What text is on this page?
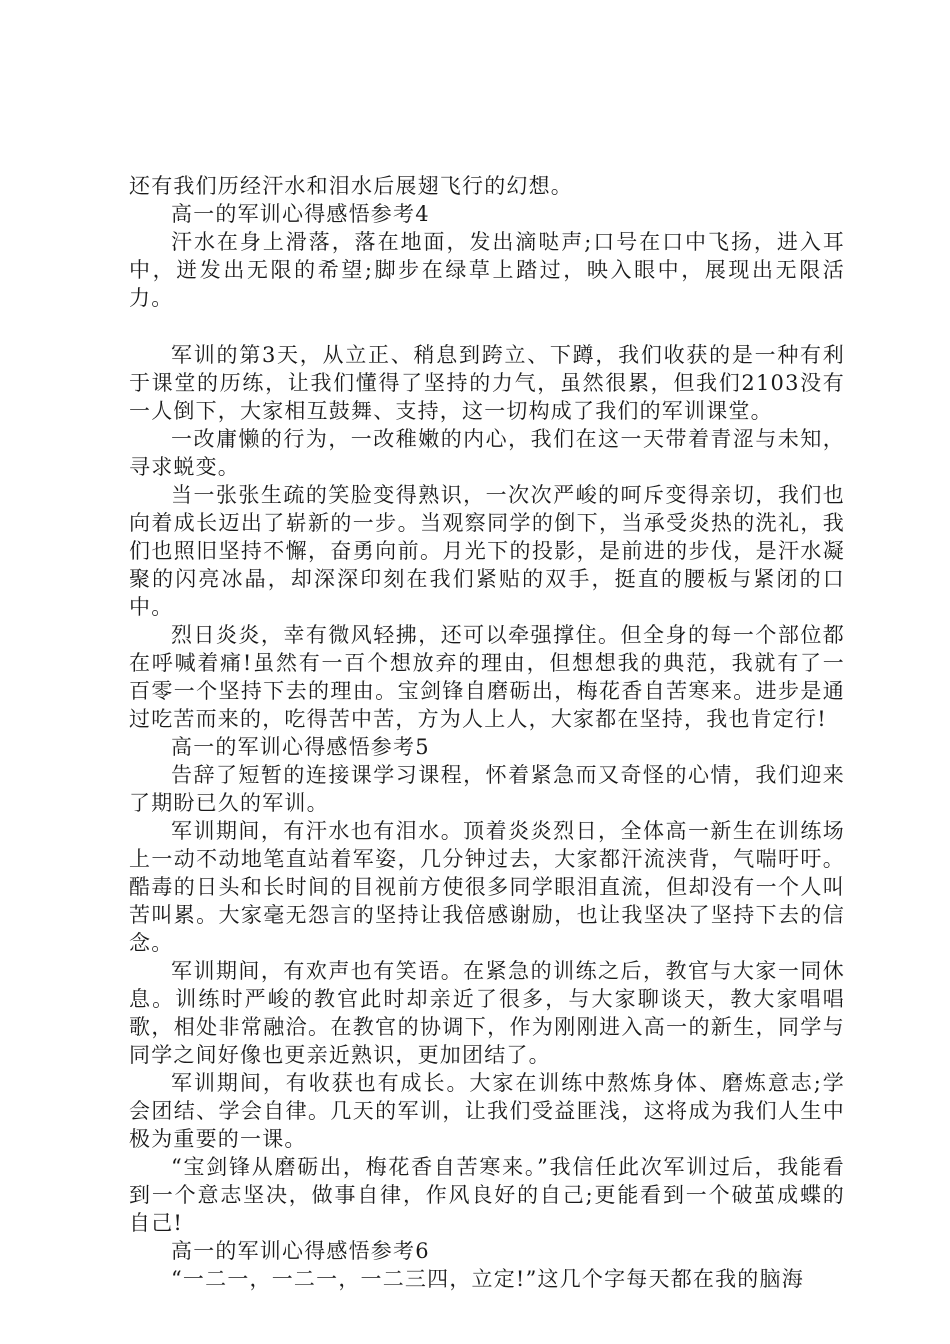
还有我们历经汗水和泪水后展翅飞行的幻想。

高一的军训心得感悟参考4

汗水在身上滑落，落在地面，发出滴哒声;口号在口中飞扬，进入耳中，迸发出无限的希望;脚步在绿草上踏过，映入眼中，展现出无限活力。

军训的第3天，从立正、稍息到跨立、下蹲，我们收获的是一种有利于课堂的历练，让我们懂得了坚持的力气，虽然很累，但我们2103没有一人倒下，大家相互鼓舞、支持，这一切构成了我们的军训课堂。

一改庸懒的行为，一改稚嫩的内心，我们在这一天带着青涩与未知，寻求蜕变。

当一张张生疏的笑脸变得熟识，一次次严峻的呵斥变得亲切，我们也向着成长迈出了崭新的一步。当观察同学的倒下，当承受炎热的洗礼，我们也照旧坚持不懈，奋勇向前。月光下的投影，是前进的步伐，是汗水凝聚的闪亮冰晶，却深深印刻在我们紧贴的双手，挺直的腰板与紧闭的口中。

烈日炎炎，幸有微风轻拂，还可以牵强撑住。但全身的每一个部位都在呼喊着痛!虽然有一百个想放弃的理由，但想想我的典范，我就有了一百零一个坚持下去的理由。宝剑锋自磨砺出，梅花香自苦寒来。进步是通过吃苦而来的，吃得苦中苦，方为人上人，大家都在坚持，我也肯定行!

高一的军训心得感悟参考5

告辞了短暂的连接课学习课程，怀着紧急而又奇怪的心情，我们迎来了期盼已久的军训。

军训期间，有汗水也有泪水。顶着炎炎烈日，全体高一新生在训练场上一动不动地笔直站着军姿，几分钟过去，大家都汗流浃背，气喘吁吁。酷毒的日头和长时间的目视前方使很多同学眼泪直流，但却没有一个人叫苦叫累。大家毫无怨言的坚持让我倍感谢励，也让我坚决了坚持下去的信念。

军训期间，有欢声也有笑语。在紧急的训练之后，教官与大家一同休息。训练时严峻的教官此时却亲近了很多，与大家聊谈天，教大家唱唱歌，相处非常融洽。在教官的协调下，作为刚刚进入高一的新生，同学与同学之间好像也更亲近熟识，更加团结了。

军训期间，有收获也有成长。大家在训练中熬炼身体、磨炼意志;学会团结、学会自律。几天的军训，让我们受益匪浅，这将成为我们人生中极为重要的一课。

“宝剑锋从磨砺出，梅花香自苦寒来。”我信任此次军训过后，我能看到一个意志坚决，做事自律，作风良好的自己;更能看到一个破茧成蝶的自己!

高一的军训心得感悟参考6

“一二一，一二一，一二三四，立定!”这几个字每天都在我的脑海
